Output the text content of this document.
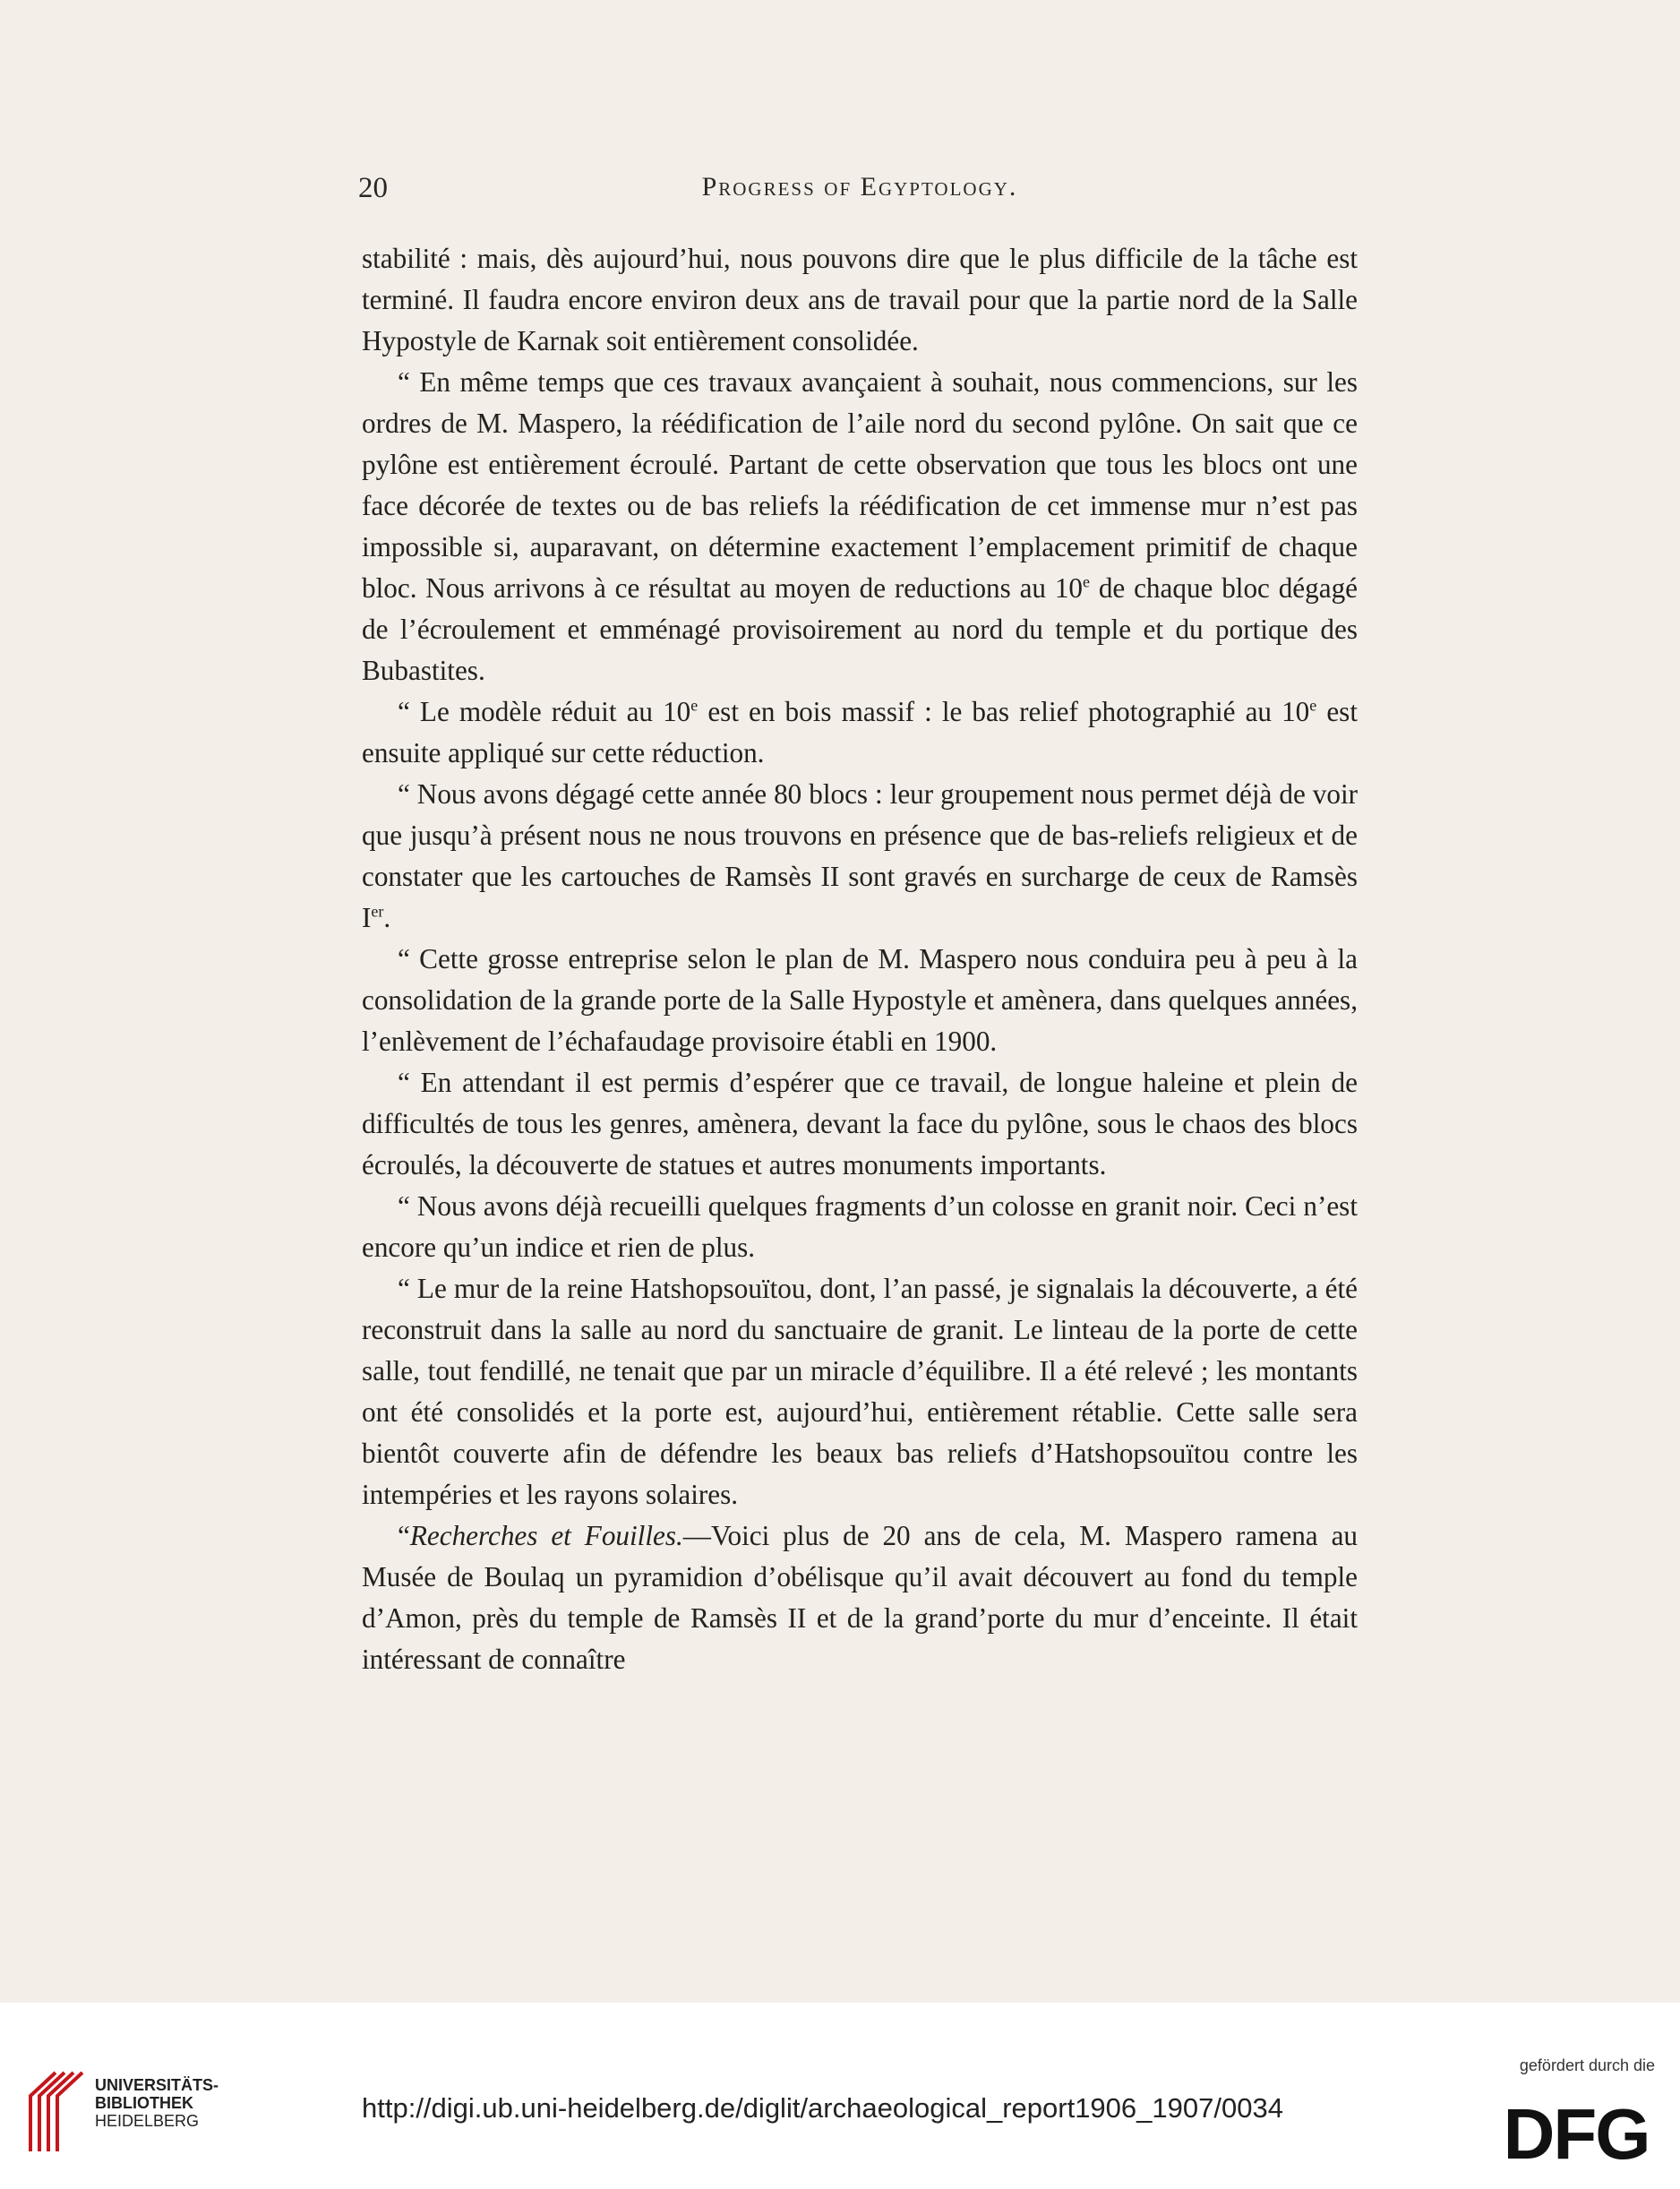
20	Progress of Egyptology.

stabilité : mais, dès aujourd’hui, nous pouvons dire que le plus difficile de la tâche est terminé. Il faudra encore environ deux ans de travail pour que la partie nord de la Salle Hypostyle de Karnak soit entièrement consolidée.

“ En même temps que ces travaux avançaient à souhait, nous commencions, sur les ordres de M. Maspero, la réédification de l’aile nord du second pylône. On sait que ce pylône est entièrement écroulé. Partant de cette observation que tous les blocs ont une face décorée de textes ou de bas reliefs la réédification de cet immense mur n’est pas impossible si, auparavant, on détermine exactement l’emplacement primitif de chaque bloc. Nous arrivons à ce résultat au moyen de reductions au 10e de chaque bloc dégagé de l’écroulement et emménagé provisoirement au nord du temple et du portique des Bubastites.

“ Le modèle réduit au 10e est en bois massif : le bas relief photographié au 10e est ensuite appliqué sur cette réduction.

“ Nous avons dégagé cette année 80 blocs : leur groupement nous permet déjà de voir que jusqu’à présent nous ne nous trouvons en présence que de bas-reliefs religieux et de constater que les cartouches de Ramsès II sont gravés en surcharge de ceux de Ramsès Ier.

“ Cette grosse entreprise selon le plan de M. Maspero nous conduira peu à peu à la consolidation de la grande porte de la Salle Hypostyle et amènera, dans quelques années, l’enlèvement de l’échafaudage provisoire établi en 1900.

“ En attendant il est permis d’espérer que ce travail, de longue haleine et plein de difficultés de tous les genres, amènera, devant la face du pylône, sous le chaos des blocs écroulés, la découverte de statues et autres monuments importants.

“ Nous avons déjà recueilli quelques fragments d’un colosse en granit noir. Ceci n’est encore qu’un indice et rien de plus.

“ Le mur de la reine Hatshopsouïtou, dont, l’an passé, je signalais la découverte, a été reconstruit dans la salle au nord du sanctuaire de granit. Le linteau de la porte de cette salle, tout fendillé, ne tenait que par un miracle d’équilibre. Il a été relevé ; les montants ont été consolidés et la porte est, aujourd’hui, entièrement rétablie. Cette salle sera bientôt couverte afin de défendre les beaux bas reliefs d’Hatshopsouïtou contre les intempéries et les rayons solaires.

“Recherches et Fouilles.—Voici plus de 20 ans de cela, M. Maspero ramena au Musée de Boulaq un pyramidion d’obélisque qu’il avait découvert au fond du temple d’Amon, près du temple de Ramsès II et de la grand’porte du mur d’enceinte. Il était intéressant de connaître

UNIVERSITÄTS-
BIBLIOTHEK
HEIDELBERG	http://digi.ub.uni-heidelberg.de/diglit/archaeological_report1906_1907/0034
gefördert durch die
DFG
